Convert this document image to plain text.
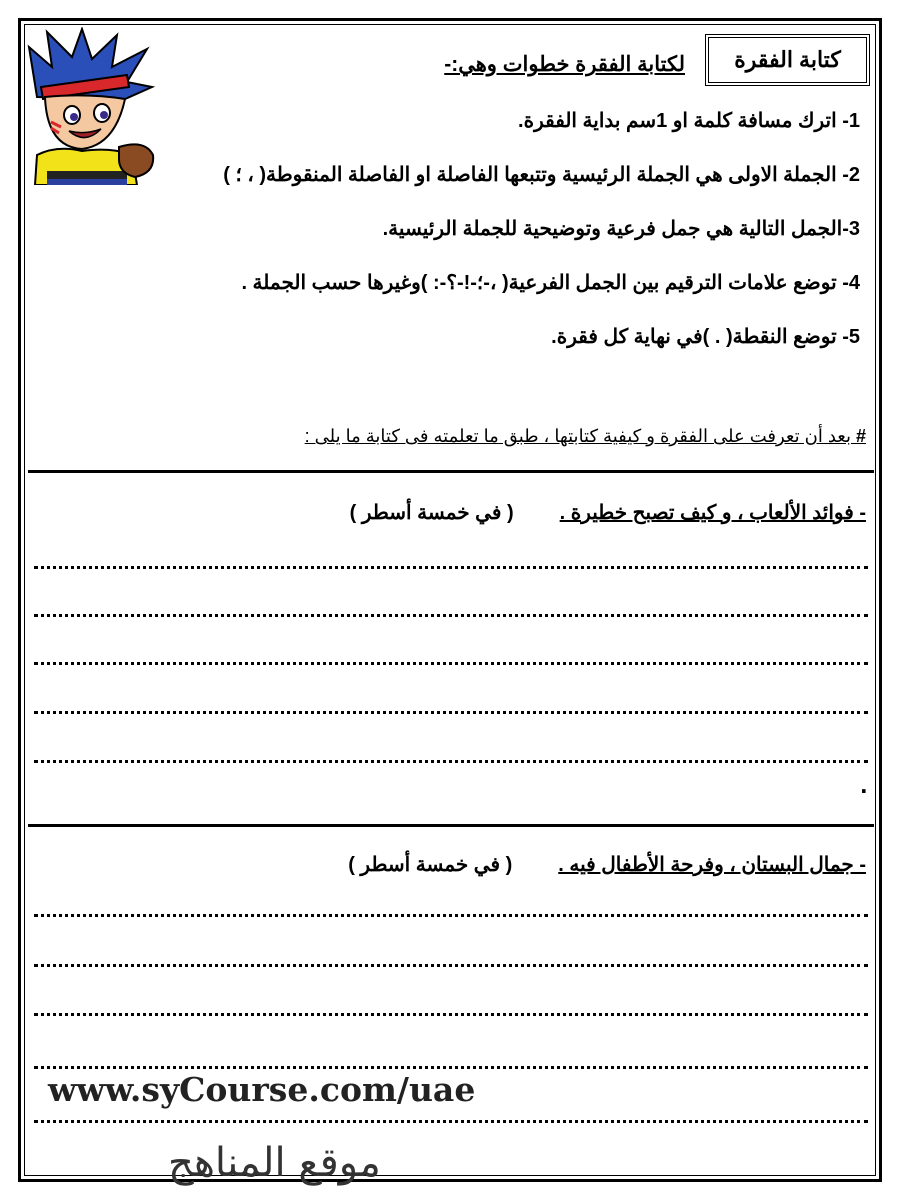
كتابة الفقرة
لكتابة الفقرة خطوات وهي:-
1- اترك مسافة كلمة او 1سم بداية الفقرة.
2- الجملة الاولى هي الجملة الرئيسية وتتبعها الفاصلة او الفاصلة المنقوطة( ، ؛ )
3-الجمل التالية هي جمل فرعية وتوضيحية للجملة الرئيسية.
4- توضع علامات الترقيم بين الجمل الفرعية( ،-؛-!-؟-: )وغيرها حسب الجملة .
5- توضع النقطة( . )في نهاية كل فقرة.
# بعد أن تعرفت على الفقرة و كيفية كتابتها ، طبق ما تعلمته فى كتابة ما يلى :
- فوائد الألعاب ، و كيف تصبح خطيرة .( في خمسة أسطر )
.
- جمال البستان ، وفرحة الأطفال فيه .( في خمسة أسطر )
www.syCourse.com/uae
موقع المناهج
